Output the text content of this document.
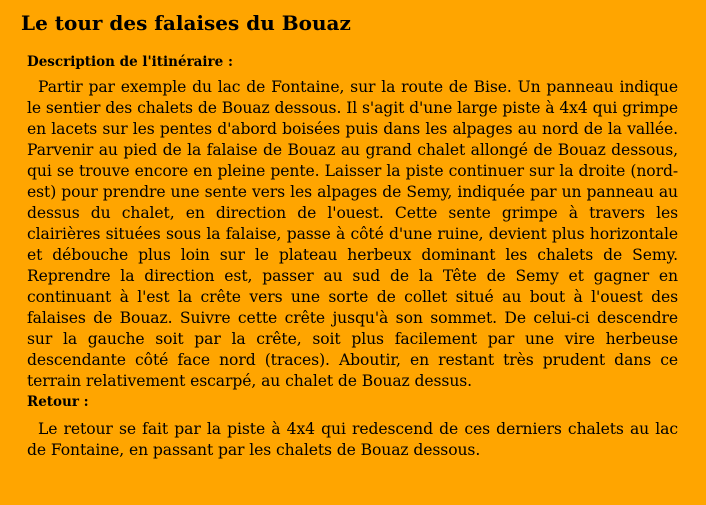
Le tour des falaises du Bouaz
Description de l'itinéraire :

Partir par exemple du lac de Fontaine, sur la route de Bise. Un panneau indique le sentier des chalets de Bouaz dessous. Il s'agit d'une large piste à 4x4 qui grimpe en lacets sur les pentes d'abord boisées puis dans les alpages au nord de la vallée. Parvenir au pied de la falaise de Bouaz au grand chalet allongé de Bouaz dessous, qui se trouve encore en pleine pente. Laisser la piste continuer sur la droite (nord-est) pour prendre une sente vers les alpages de Semy, indiquée par un panneau au dessus du chalet, en direction de l'ouest. Cette sente grimpe à travers les clairières situées sous la falaise, passe à côté d'une ruine, devient plus horizontale et débouche plus loin sur le plateau herbeux dominant les chalets de Semy. Reprendre la direction est, passer au sud de la Tête de Semy et gagner en continuant à l'est la crête vers une sorte de collet situé au bout à l'ouest des falaises de Bouaz. Suivre cette crête jusqu'à son sommet. De celui-ci descendre sur la gauche soit par la crête, soit plus facilement par une vire herbeuse descendante côté face nord (traces). Aboutir, en restant très prudent dans ce terrain relativement escarpé, au chalet de Bouaz dessus.

Retour :

Le retour se fait par la piste à 4x4 qui redescend de ces derniers chalets au lac de Fontaine, en passant par les chalets de Bouaz dessous.
